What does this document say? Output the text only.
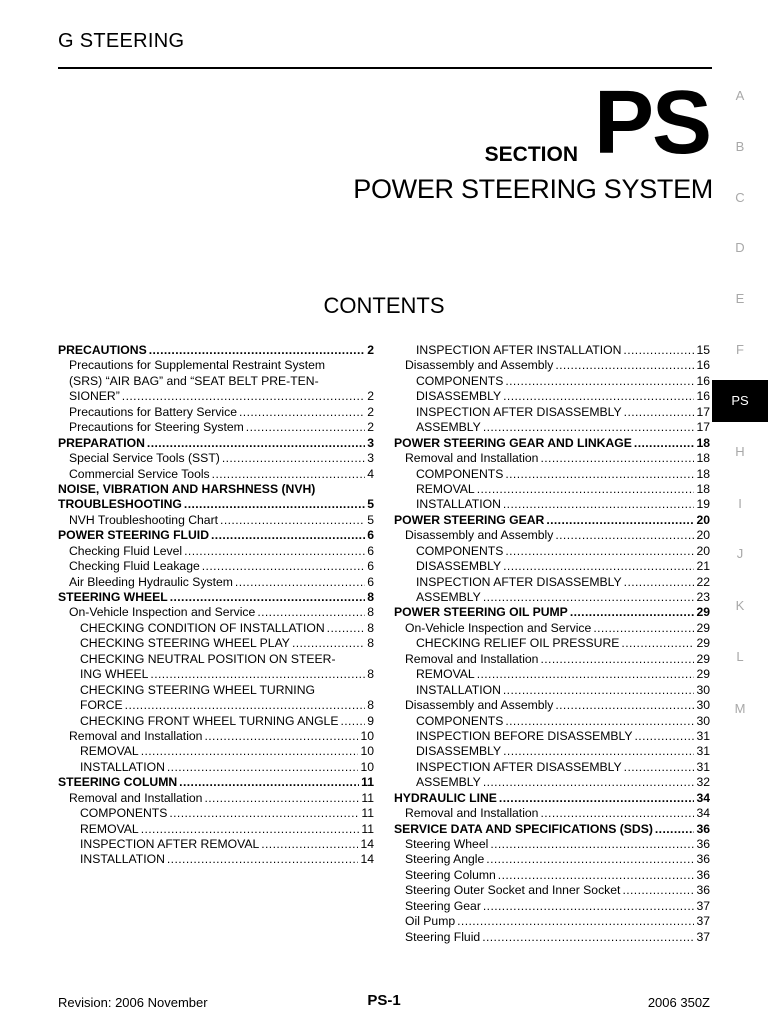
G STEERING
SECTION PS
POWER STEERING SYSTEM
CONTENTS
PRECAUTIONS .....	2
Precautions for Supplemental Restraint System
(SRS) “AIR BAG” and “SEAT BELT PRE-TEN-
SIONER” .....	2
Precautions for Battery Service .....	2
Precautions for Steering System .....	2
PREPARATION .....	3
Special Service Tools (SST) .....	3
Commercial Service Tools .....	4
NOISE, VIBRATION AND HARSHNESS (NVH)
TROUBLESHOOTING .....	5
NVH Troubleshooting Chart .....	5
POWER STEERING FLUID .....	6
Checking Fluid Level .....	6
Checking Fluid Leakage .....	6
Air Bleeding Hydraulic System .....	6
STEERING WHEEL .....	8
On-Vehicle Inspection and Service .....	8
CHECKING CONDITION OF INSTALLATION .....	8
CHECKING STEERING WHEEL PLAY .....	8
CHECKING NEUTRAL POSITION ON STEER-
ING WHEEL .....	8
CHECKING STEERING WHEEL TURNING
FORCE .....	8
CHECKING FRONT WHEEL TURNING ANGLE ..... 9
Removal and Installation .....	10
REMOVAL .....	10
INSTALLATION .....	10
STEERING COLUMN .....	11
Removal and Installation .....	11
COMPONENTS .....	11
REMOVAL .....	11
INSPECTION AFTER REMOVAL .....	14
INSTALLATION .....	14
INSPECTION AFTER INSTALLATION .....	15
Disassembly and Assembly .....	16
COMPONENTS .....	16
DISASSEMBLY .....	16
INSPECTION AFTER DISASSEMBLY .....	17
ASSEMBLY .....	17
POWER STEERING GEAR AND LINKAGE .....	18
Removal and Installation .....	18
COMPONENTS .....	18
REMOVAL .....	18
INSTALLATION .....	19
POWER STEERING GEAR .....	20
Disassembly and Assembly .....	20
COMPONENTS .....	20
DISASSEMBLY .....	21
INSPECTION AFTER DISASSEMBLY .....	22
ASSEMBLY .....	23
POWER STEERING OIL PUMP .....	29
On-Vehicle Inspection and Service .....	29
CHECKING RELIEF OIL PRESSURE .....	29
Removal and Installation .....	29
REMOVAL .....	29
INSTALLATION .....	30
Disassembly and Assembly .....	30
COMPONENTS .....	30
INSPECTION BEFORE DISASSEMBLY .....	31
DISASSEMBLY .....	31
INSPECTION AFTER DISASSEMBLY .....	31
ASSEMBLY .....	32
HYDRAULIC LINE .....	34
Removal and Installation .....	34
SERVICE DATA AND SPECIFICATIONS (SDS) .....	36
Steering Wheel .....	36
Steering Angle .....	36
Steering Column .....	36
Steering Outer Socket and Inner Socket .....	36
Steering Gear .....	37
Oil Pump .....	37
Steering Fluid .....	37
A
B
C
D
E
F
PS
H
I
J
K
L
M
Revision: 2006 November	PS-1	2006 350Z
